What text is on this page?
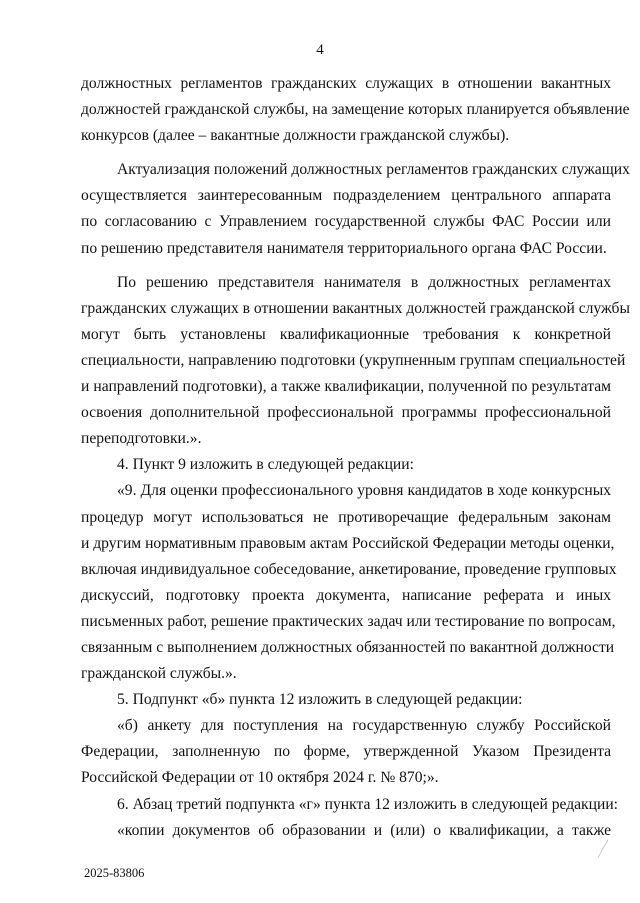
4
должностных регламентов гражданских служащих в отношении вакантных
должностей гражданской службы, на замещение которых планируется объявление
конкурсов (далее – вакантные должности гражданской службы).
Актуализация положений должностных регламентов гражданских служащих
осуществляется заинтересованным подразделением центрального аппарата
по согласованию с Управлением государственной службы ФАС России или
по решению представителя нанимателя территориального органа ФАС России.
По решению представителя нанимателя в должностных регламентах
гражданских служащих в отношении вакантных должностей гражданской службы
могут быть установлены квалификационные требования к конкретной
специальности, направлению подготовки (укрупненным группам специальностей
и направлений подготовки), а также квалификации, полученной по результатам
освоения дополнительной профессиональной программы профессиональной
переподготовки.».
4. Пункт 9 изложить в следующей редакции:
«9. Для оценки профессионального уровня кандидатов в ходе конкурсных
процедур могут использоваться не противоречащие федеральным законам
и другим нормативным правовым актам Российской Федерации методы оценки,
включая индивидуальное собеседование, анкетирование, проведение групповых
дискуссий, подготовку проекта документа, написание реферата и иных
письменных работ, решение практических задач или тестирование по вопросам,
связанным с выполнением должностных обязанностей по вакантной должности
гражданской службы.».
5. Подпункт «б» пункта 12 изложить в следующей редакции:
«б) анкету для поступления на государственную службу Российской
Федерации, заполненную по форме, утвержденной Указом Президента
Российской Федерации от 10 октября 2024 г. № 870;».
6. Абзац третий подпункта «г» пункта 12 изложить в следующей редакции:
«копии документов об образовании и (или) о квалификации, а также
2025-83806
